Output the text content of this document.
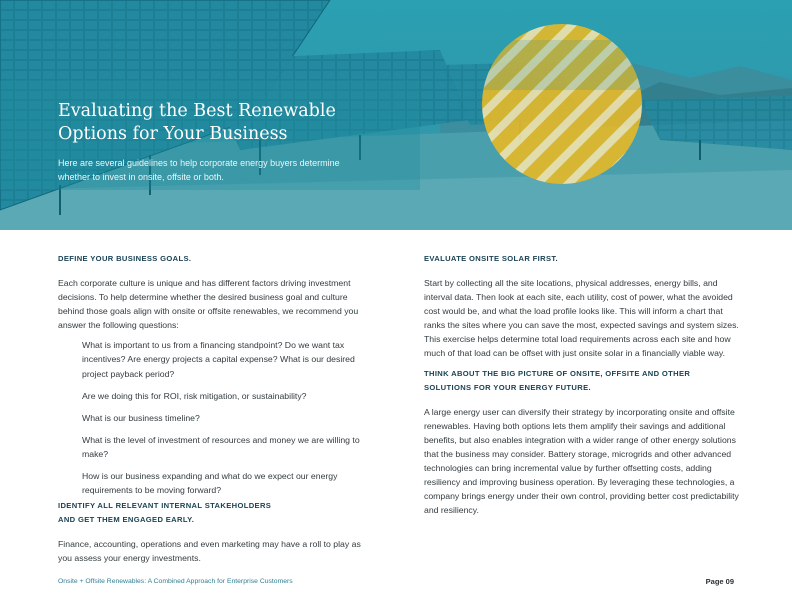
Evaluating the Best Renewable Options for Your Business

Here are several guidelines to help corporate energy buyers determine whether to invest in onsite, offsite or both.

DEFINE YOUR BUSINESS GOALS.

Each corporate culture is unique and has different factors driving investment decisions. To help determine whether the desired business goal and culture behind those goals align with onsite or offsite renewables, we recommend you answer the following questions:

What is important to us from a financing standpoint? Do we want tax incentives? Are energy projects a capital expense? What is our desired project payback period?
Are we doing this for ROI, risk mitigation, or sustainability?
What is our business timeline?
What is the level of investment of resources and money we are willing to make?
How is our business expanding and what do we expect our energy requirements to be moving forward?
IDENTIFY ALL RELEVANT INTERNAL STAKEHOLDERS
AND GET THEM ENGAGED EARLY.

Finance, accounting, operations and even marketing may have a roll to play as you assess your energy investments.

EVALUATE ONSITE SOLAR FIRST.

Start by collecting all the site locations, physical addresses, energy bills, and interval data. Then look at each site, each utility, cost of power, what the avoided cost would be, and what the load profile looks like. This will inform a chart that ranks the sites where you can save the most, expected savings and system sizes. This exercise helps determine total load requirements across each site and how much of that load can be offset with just onsite solar in a financially viable way.

THINK ABOUT THE BIG PICTURE OF ONSITE, OFFSITE AND OTHER
SOLUTIONS FOR YOUR ENERGY FUTURE.

A large energy user can diversify their strategy by incorporating onsite and offsite renewables. Having both options lets them amplify their savings and additional benefits, but also enables integration with a wider range of other energy solutions that the business may consider. Battery storage, microgrids and other advanced technologies can bring incremental value by further offsetting costs, adding resiliency and improving business operation. By leveraging these technologies, a company brings energy under their own control, providing better cost predictability and resiliency.

Onsite + Offsite Renewables: A Combined Approach for Enterprise Customers	Page 09
